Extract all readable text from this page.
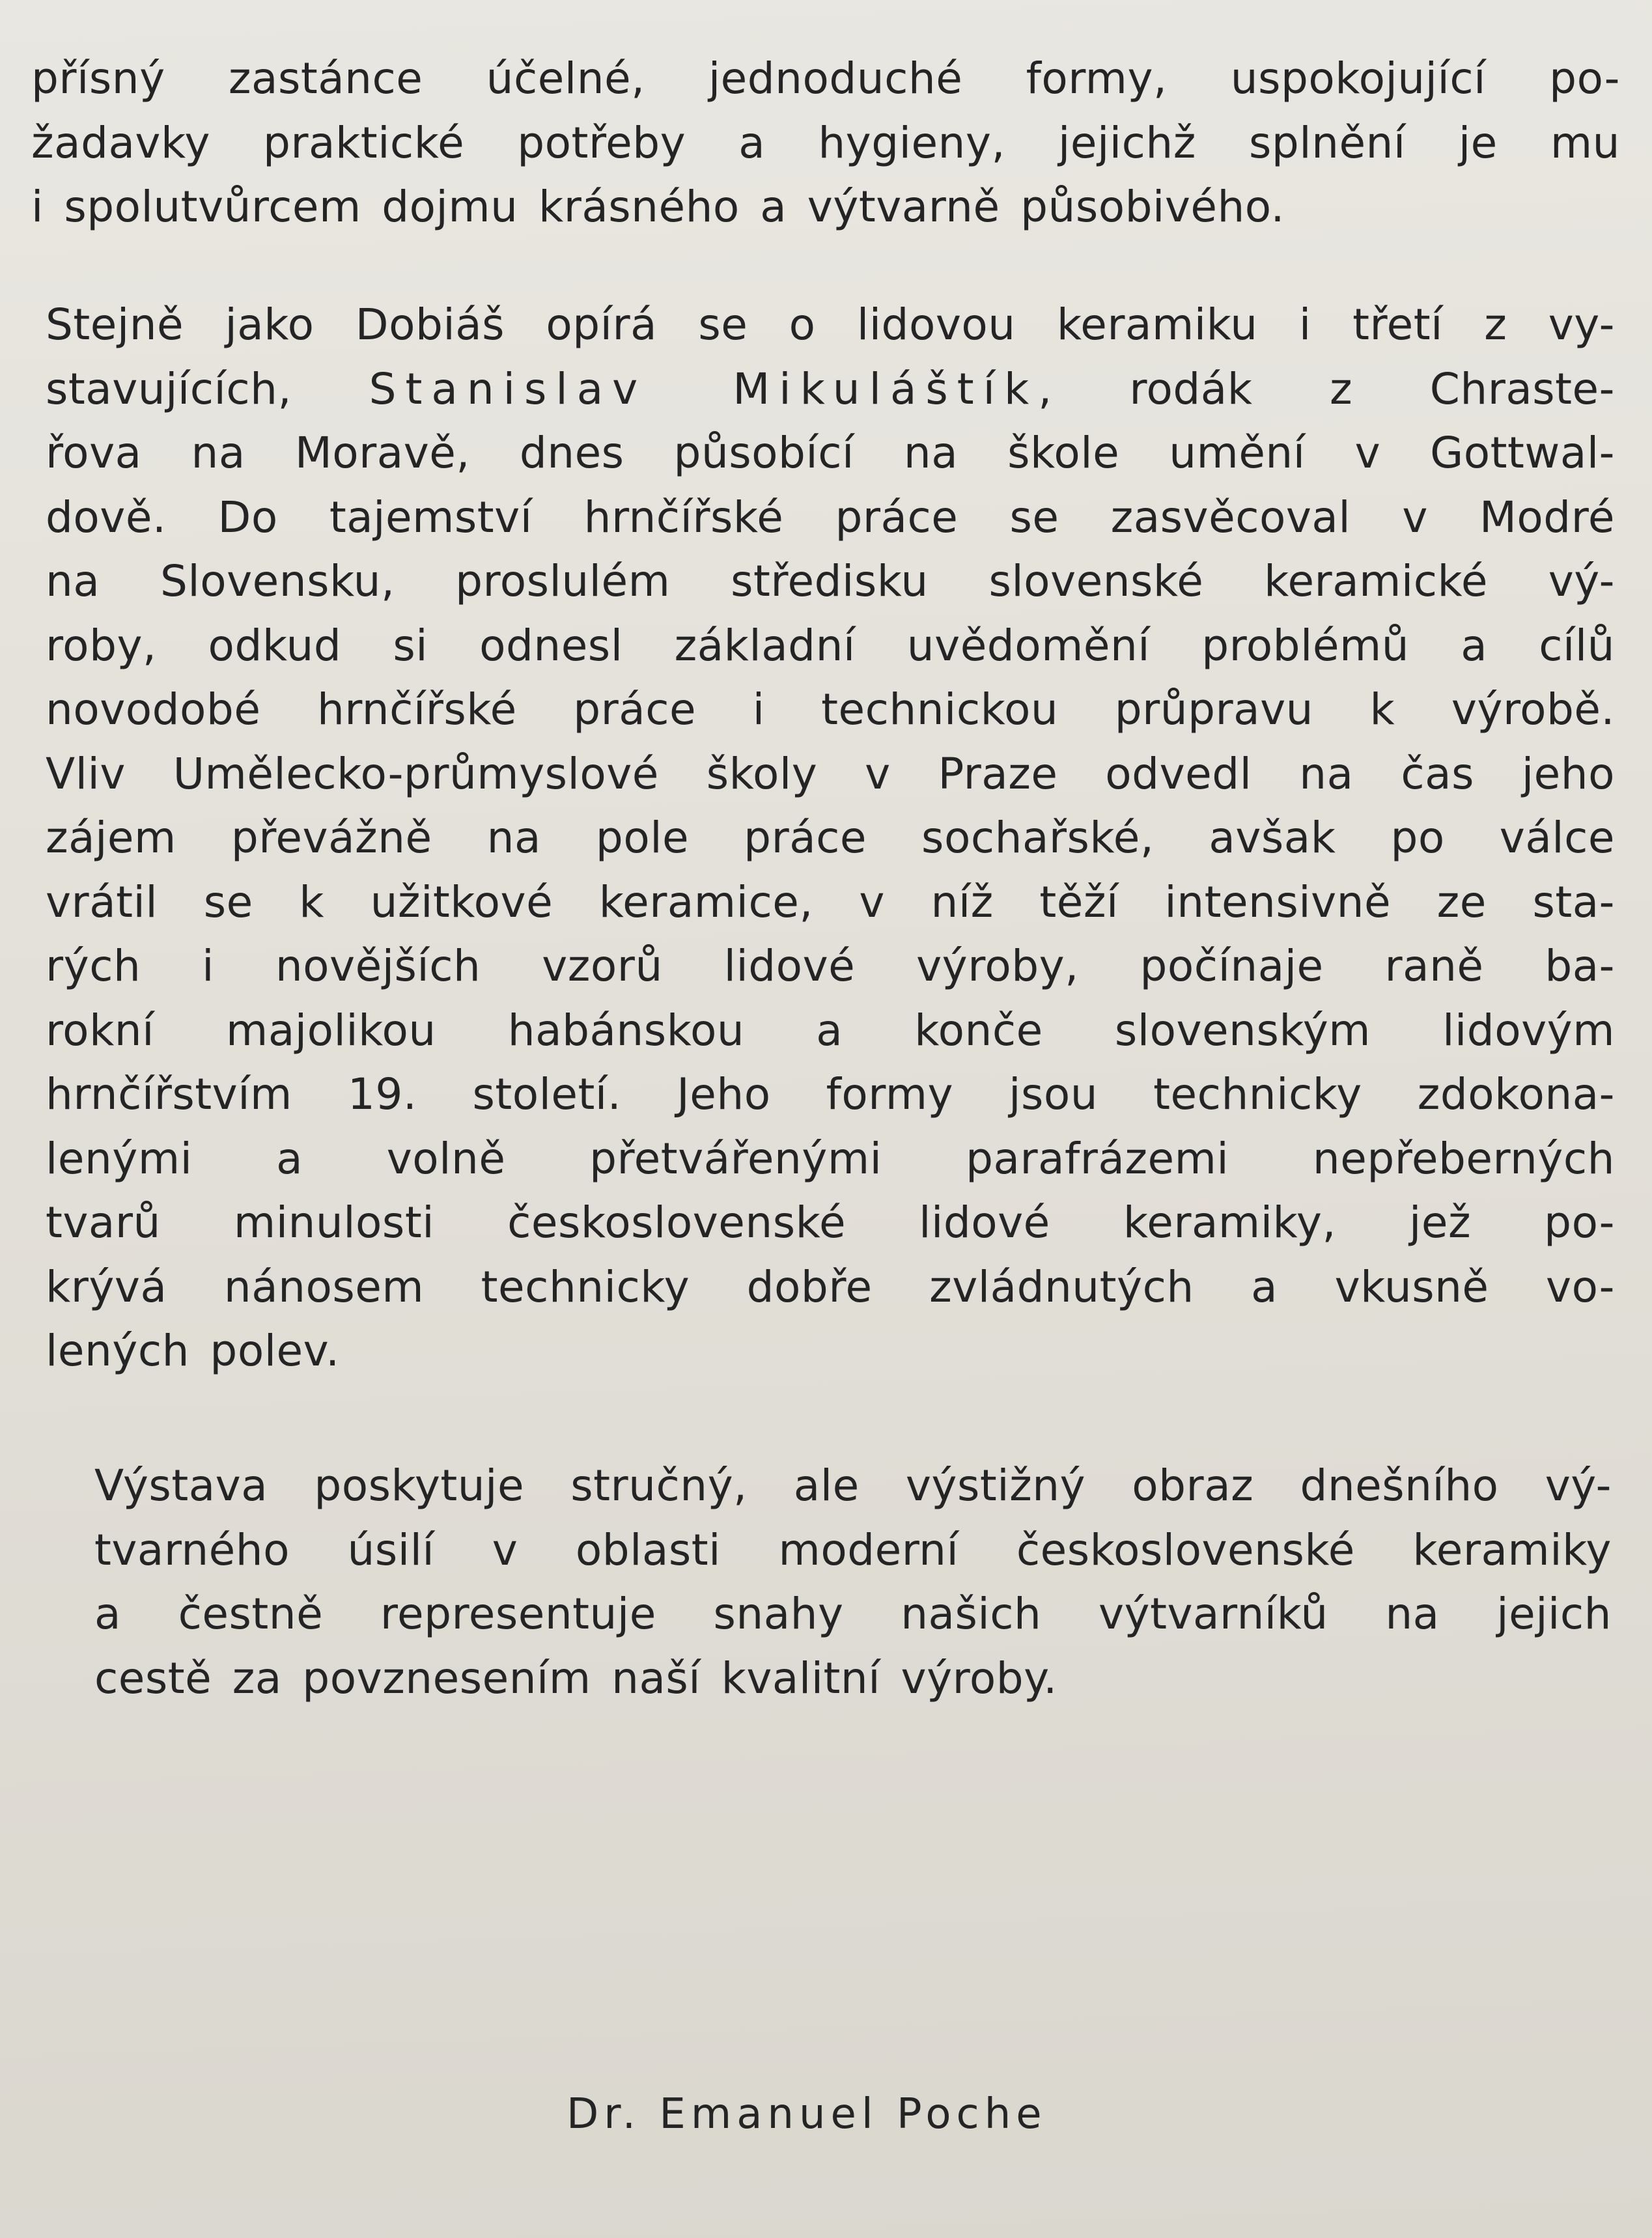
přísný zastánce účelné, jednoduché formy, uspokojující po-
žadavky praktické potřeby a hygieny, jejichž splnění je mu
i spolutvůrcem dojmu krásného a výtvarně působivého.
Stejně jako Dobiáš opírá se o lidovou keramiku i třetí z vy-
stavujících, Stanislav Mikuláštík, rodák z Chraste-
řova na Moravě, dnes působící na škole umění v Gottwal-
dově. Do tajemství hrnčířské práce se zasvěcoval v Modré
na Slovensku, proslulém středisku slovenské keramické vý-
roby, odkud si odnesl základní uvědomění problémů a cílů
novodobé hrnčířské práce i technickou průpravu k výrobě.
Vliv Umělecko-průmyslové školy v Praze odvedl na čas jeho
zájem převážně na pole práce sochařské, avšak po válce
vrátil se k užitkové keramice, v níž těží intensivně ze sta-
rých i novějších vzorů lidové výroby, počínaje raně ba-
rokní majolikou habánskou a konče slovenským lidovým
hrnčířstvím 19. století. Jeho formy jsou technicky zdokona-
lenými a volně přetvářenými parafrázemi nepřeberných
tvarů minulosti československé lidové keramiky, jež po-
krývá nánosem technicky dobře zvládnutých a vkusně vo-
lených polev.
Výstava poskytuje stručný, ale výstižný obraz dnešního vý-
tvarného úsilí v oblasti moderní československé keramiky
a čestně representuje snahy našich výtvarníků na jejich
cestě za povznesením naší kvalitní výroby.
Dr. Emanuel Poche
